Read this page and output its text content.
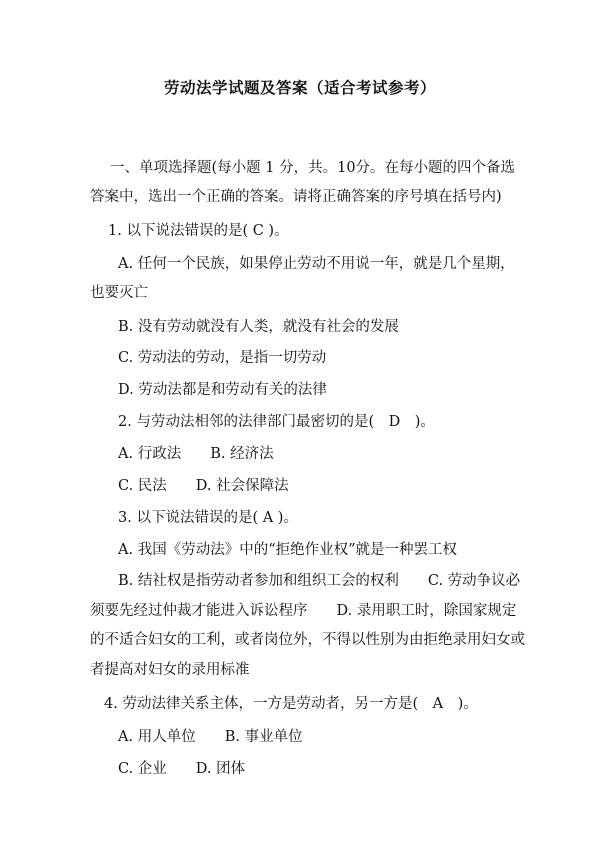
劳动法学试题及答案（适合考试参考）
一、单项选择题(每小题 1 分，共。10分。在每小题的四个备选
答案中，选出一个正确的答案。请将正确答案的序号填在括号内)
1. 以下说法错误的是( C )。
A. 任何一个民族，如果停止劳动不用说一年，就是几个星期，
也要灭亡
B. 没有劳动就没有人类，就没有社会的发展
C. 劳动法的劳动，是指一切劳动
D. 劳动法都是和劳动有关的法律
2. 与劳动法相邻的法律部门最密切的是(　D　)。
A. 行政法　　B. 经济法
C. 民法　　D. 社会保障法
3. 以下说法错误的是( A )。
A. 我国《劳动法》中的“拒绝作业权”就是一种罢工权
B. 结社权是指劳动者参加和组织工会的权利　　C. 劳动争议必
须要先经过仲裁才能进入诉讼程序　　D. 录用职工时，除国家规定
的不适合妇女的工利，或者岗位外，不得以性别为由拒绝录用妇女或
者提高对妇女的录用标准
4. 劳动法律关系主体，一方是劳动者，另一方是(　A　)。
A. 用人单位　　B. 事业单位
C. 企业　　D. 团体
